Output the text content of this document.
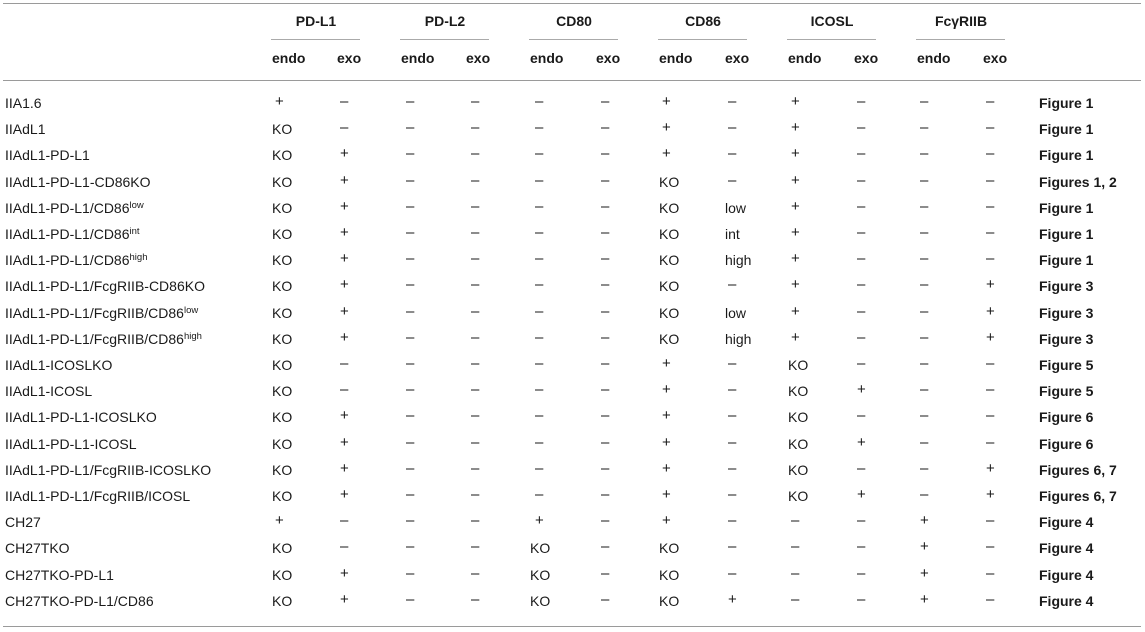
PD-L1	PD-L2	CD80	CD86	ICOSL	FcγRIIB
endo exo	endo exo	endo exo	endo exo	endo exo	endo exo
IIA1.6	+	–	–	–	–	–	+	–	+	–	–	–	Figure 1
IIAdL1	KO	–	–	–	–	–	+	–	+	–	–	–	Figure 1
IIAdL1-PD-L1	KO	+	–	–	–	–	+	–	+	–	–	–	Figure 1
IIAdL1-PD-L1-CD86KO	KO	+	–	–	–	–	KO	–	+	–	–	–	Figures 1, 2
$IIAdL1-PD-L1/CD86^{low}$	KO	+	–	–	–	–	KO	low	+	–	–	–	Figure 1
$IIAdL1-PD-L1/CD86^{int}$	KO	+	–	–	–	–	KO	int	+	–	–	–	Figure 1
$IIAdL1-PD-L1/CD86^{high}$	KO	+	–	–	–	–	KO	high	+	–	–	–	Figure 1
IIAdL1-PD-L1/FcgRIIB-CD86KO	KO	+	–	–	–	–	KO	–	+	–	–	+	Figure 3
$IIAdL1-PD-L1/FcgRIIB/CD86^{low}$	KO	+	–	–	–	–	KO	low	+	–	–	+	Figure 3
$IIAdL1-PD-L1/FcgRIIB/CD86^{high}$	KO	+	–	–	–	–	KO	high	+	–	–	+	Figure 3
IIAdL1-ICOSLKO	KO	–	–	–	–	–	+	–	KO	–	–	–	Figure 5
IIAdL1-ICOSL	KO	–	–	–	–	–	+	–	KO	+	–	–	Figure 5
IIAdL1-PD-L1-ICOSLKO	KO	+	–	–	–	–	+	–	KO	–	–	–	Figure 6
IIAdL1-PD-L1-ICOSL	KO	+	–	–	–	–	+	–	KO	+	–	–	Figure 6
IIAdL1-PD-L1/FcgRIIB-ICOSLKO	KO	+	–	–	–	–	+	–	KO	–	–	+	Figures 6, 7
IIAdL1-PD-L1/FcgRIIB/ICOSL	KO	+	–	–	–	–	+	–	KO	+	–	+	Figures 6, 7
CH27	+	–	–	–	+	–	+	–	–	–	+	–	Figure 4
CH27TKO	KO	–	–	–	KO	–	KO	–	–	–	+	–	Figure 4
CH27TKO-PD-L1	KO	+	–	–	KO	–	KO	–	–	–	+	–	Figure 4
CH27TKO-PD-L1/CD86	KO	+	–	–	KO	–	KO	+	–	–	+	–	Figure 4
